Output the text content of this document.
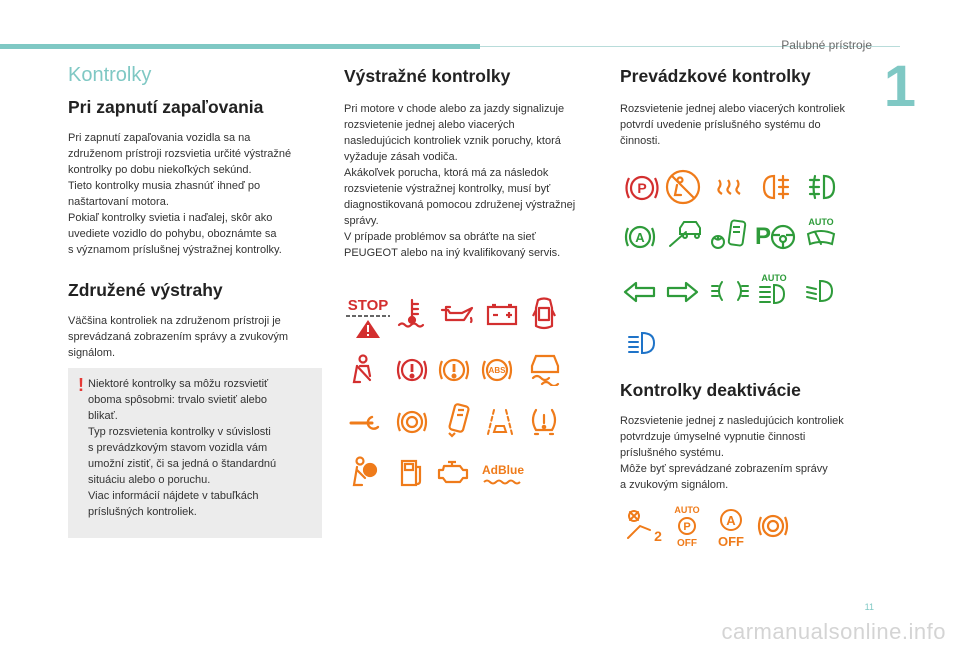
Palubné prístroje
1
Kontrolky
Pri zapnutí zapaľovania

Pri zapnutí zapaľovania vozidla sa na
združenom prístroji rozsvietia určité výstražné
kontrolky po dobu niekoľkých sekúnd.
Tieto kontrolky musia zhasnúť ihneď po
naštartovaní motora.
Pokiaľ kontrolky svietia i naďalej, skôr ako
uvediete vozidlo do pohybu, oboznámte sa
s významom príslušnej výstražnej kontrolky.

Združené výstrahy

Väčšina kontroliek na združenom prístroji je
sprevádzaná zobrazením správy a zvukovým
signálom.

! Niektoré kontrolky sa môžu rozsvietiť
oboma spôsobmi: trvalo svietiť alebo
blikať.
Typ rozsvietenia kontrolky v súvislosti
s prevádzkovým stavom vozidla vám
umožní zistiť, či sa jedná o štandardnú
situáciu alebo o poruchu.
Viac informácií nájdete v tabuľkách
príslušných kontroliek.

Výstražné kontrolky

Pri motore v chode alebo za jazdy signalizuje
rozsvietenie jednej alebo viacerých
nasledujúcich kontroliek vznik poruchy, ktorá
vyžaduje zásah vodiča.
Akákoľvek porucha, ktorá má za následok
rozsvietenie výstražnej kontrolky, musí byť
diagnostikovaná pomocou združenej výstražnej
správy.
V prípade problémov sa obráťte na sieť
PEUGEOT alebo na iný kvalifikovaný servis.

STOP
ABS
AdBlue
Prevádzkové kontrolky

Rozsvietenie jednej alebo viacerých kontroliek
potvrdí uvedenie príslušného systému do
činnosti.

P
A	P
AUTO
AUTO
Kontrolky deaktivácie

Rozsvietenie jednej z nasledujúcich kontroliek
potvrdzuje úmyselné vypnutie činnosti
príslušného systému.
Môže byť sprevádzané zobrazením správy
a zvukovým signálom.

2
AUTO
P
OFF
A
OFF
11
carmanualsonline.info
